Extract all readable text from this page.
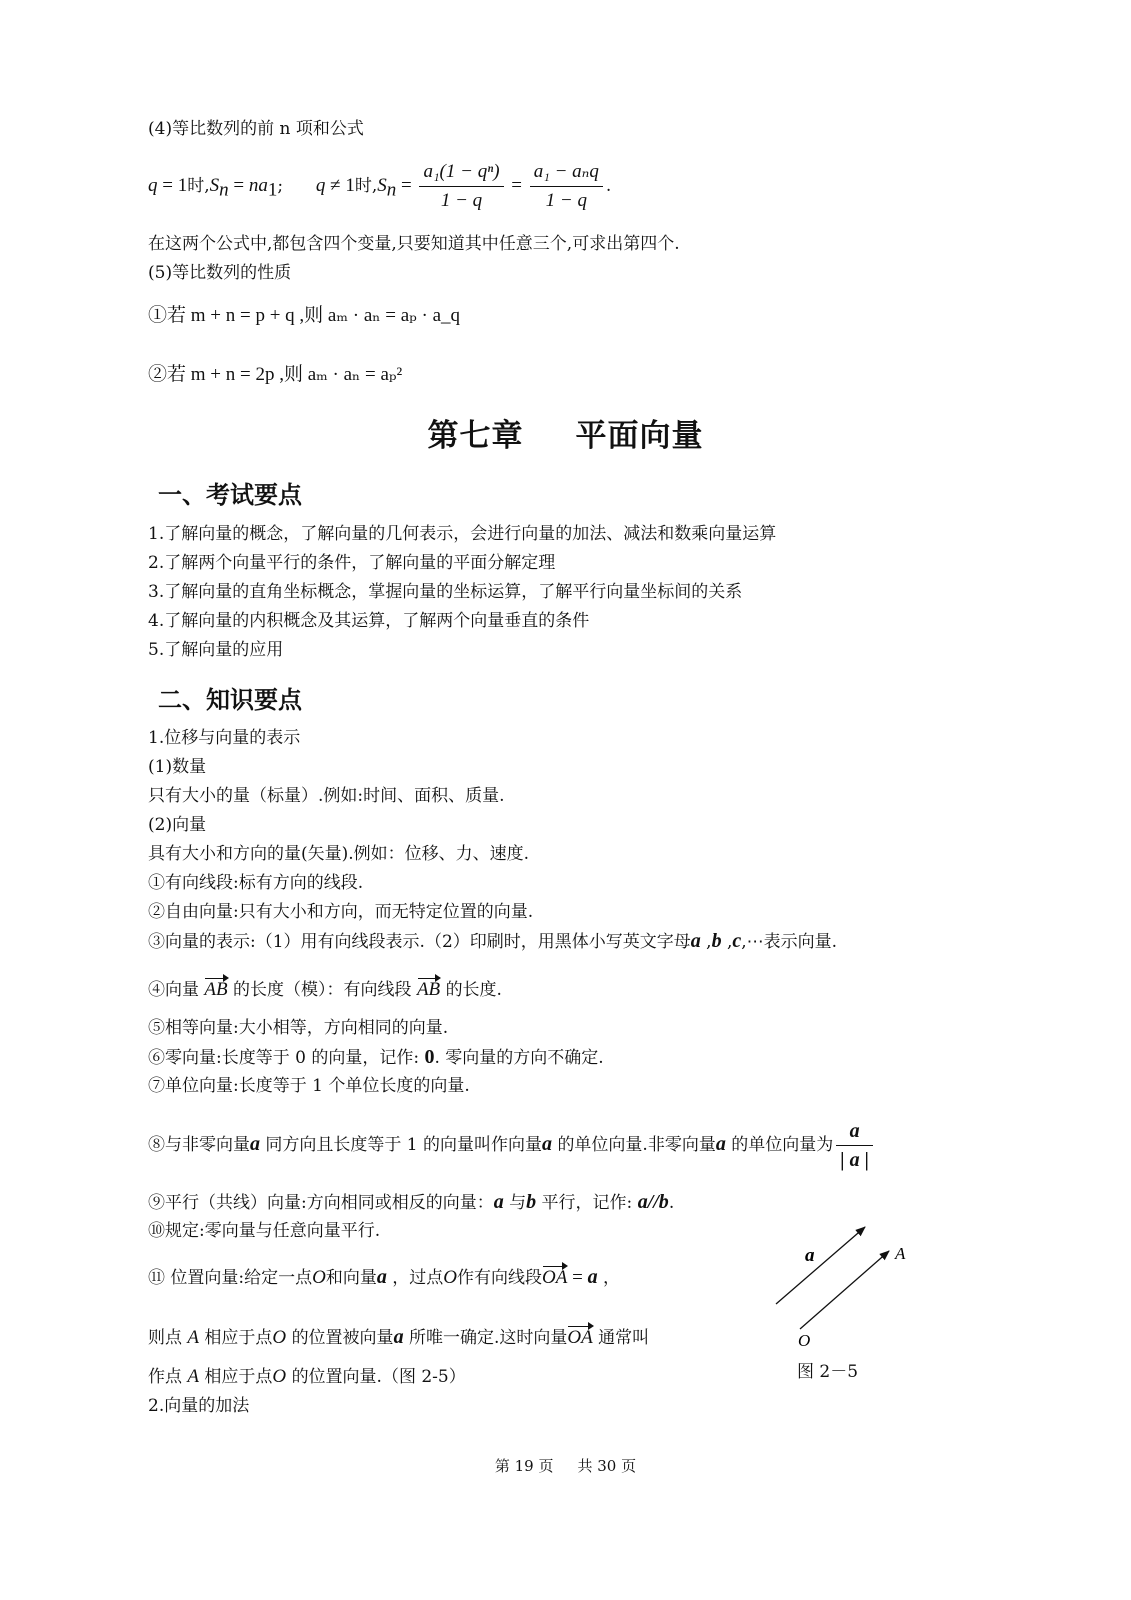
(4)等比数列的前 n 项和公式
q = 1时$,S_n = na_1$; q ≠ 1时$,S_n = \frac{\text{a₁(1 − qⁿ)}}{1 - q} = \frac{\text{a₁ − aₙq}}{1 - q}$ .
在这两个公式中,都包含四个变量,只要知道其中任意三个,可求出第四个.
(5)等比数列的性质
①若 m + n = p + q ,则 aₘ · aₙ = aₚ · a_q
②若 m + n = 2p ,则 aₘ · aₙ = aₚ²
第七章 平面向量
一、考试要点
1.了解向量的概念，了解向量的几何表示，会进行向量的加法、减法和数乘向量运算
2.了解两个向量平行的条件，了解向量的平面分解定理
3.了解向量的直角坐标概念，掌握向量的坐标运算，了解平行向量坐标间的关系
4.了解向量的内积概念及其运算，了解两个向量垂直的条件
5.了解向量的应用
二、知识要点
1.位移与向量的表示
(1)数量
只有大小的量（标量）.例如:时间、面积、质量.
(2)向量
具有大小和方向的量(矢量).例如：位移、力、速度.
①有向线段:标有方向的线段.
②自由向量:只有大小和方向，而无特定位置的向量.
③向量的表示:（1）用有向线段表示.（2）印刷时，用黑体小写英文字母a ,b ,c,⋯表示向量.
④向量 AB 的长度（模）：有向线段 AB 的长度.
⑤相等向量:大小相等，方向相同的向量.
⑥零向量:长度等于 0 的向量，记作: 0. 零向量的方向不确定.
⑦单位向量:长度等于 1 个单位长度的向量.
⑧与非零向量a 同方向且长度等于 1 的向量叫作向量a 的单位向量.非零向量a 的单位向量为 $\frac{a}{| a |}$
⑨平行（共线）向量:方向相同或相反的向量：a 与b 平行，记作: a//b.
⑩规定:零向量与任意向量平行.
⑪ 位置向量:给定一点O和向量a ，过点O作有向线段OA = a ，
则点 A 相应于点O 的位置被向量a 所唯一确定.这时向量OA 通常叫
作点 A 相应于点O 的位置向量.（图 2-5）
2.向量的加法
a	A
O
图 2－5
第 19 页 共 30 页
